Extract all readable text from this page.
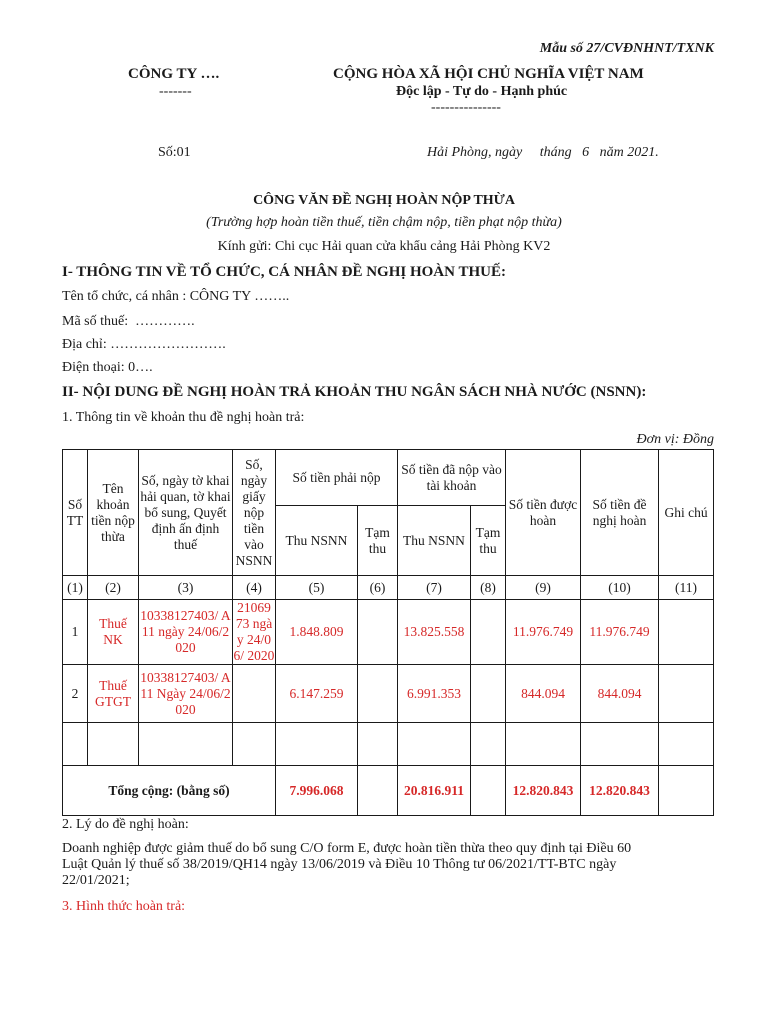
Mẫu số 27/CVĐNHNT/TXNK
CÔNG TY ….
-------
CỘNG HÒA XÃ HỘI CHỦ NGHĨA VIỆT NAM
Độc lập - Tự do - Hạnh phúc
---------------
Số:01	Hải Phòng, ngày     tháng   6   năm 2021.
CÔNG VĂN ĐỀ NGHỊ HOÀN NỘP THỪA
(Trường hợp hoàn tiền thuế, tiền chậm nộp, tiền phạt nộp thừa)
Kính gửi: Chi cục Hải quan cửa khẩu cảng Hải Phòng KV2
I- THÔNG TIN VỀ TỔ CHỨC, CÁ NHÂN ĐỀ NGHỊ HOÀN THUẾ:
Tên tổ chức, cá nhân : CÔNG TY ……..
Mã số thuế:  ………….
Địa chỉ: …………………….
Điện thoại: 0….
II- NỘI DUNG ĐỀ NGHỊ HOÀN TRẢ KHOẢN THU NGÂN SÁCH NHÀ NƯỚC (NSNN):
1. Thông tin về khoản thu đề nghị hoàn trả:
Đơn vị: Đồng
Số TT	Tên khoản tiền nộp thừa	Số, ngày tờ khai hải quan, tờ khai bổ sung, Quyết định ấn định thuế	Số, ngày giấy nộp tiền vào NSNN	Số tiền phải nộp		Số tiền đã nộp vào tài khoản		Số tiền được hoàn	Số tiền đề nghị hoàn	Ghi chú
				Thu NSNN	Tạm thu	Thu NSNN	Tạm thu			
(1)	(2)	(3)	(4)	(5)	(6)	(7)	(8)	(9)	(10)	(11)
1	Thuế NK	10338127403/ A11 ngày 24/06/2020	21069 73 ngày 24/06/ 2020	1.848.809		13.825.558		11.976.749	11.976.749	
2	Thuế GTGT	10338127403/ A11 Ngày 24/06/2020		6.147.259		6.991.353		844.094	844.094	

Tổng cộng: (bằng số)				7.996.068		20.816.911		12.820.843	12.820.843	
2. Lý do đề nghị hoàn:
Doanh nghiệp được giảm thuế do bổ sung C/O form E, được hoàn tiền thừa theo quy định tại Điều 60
Luật Quản lý thuế số 38/2019/QH14 ngày 13/06/2019 và Điều 10 Thông tư 06/2021/TT-BTC ngày
22/01/2021;
3. Hình thức hoàn trả:
